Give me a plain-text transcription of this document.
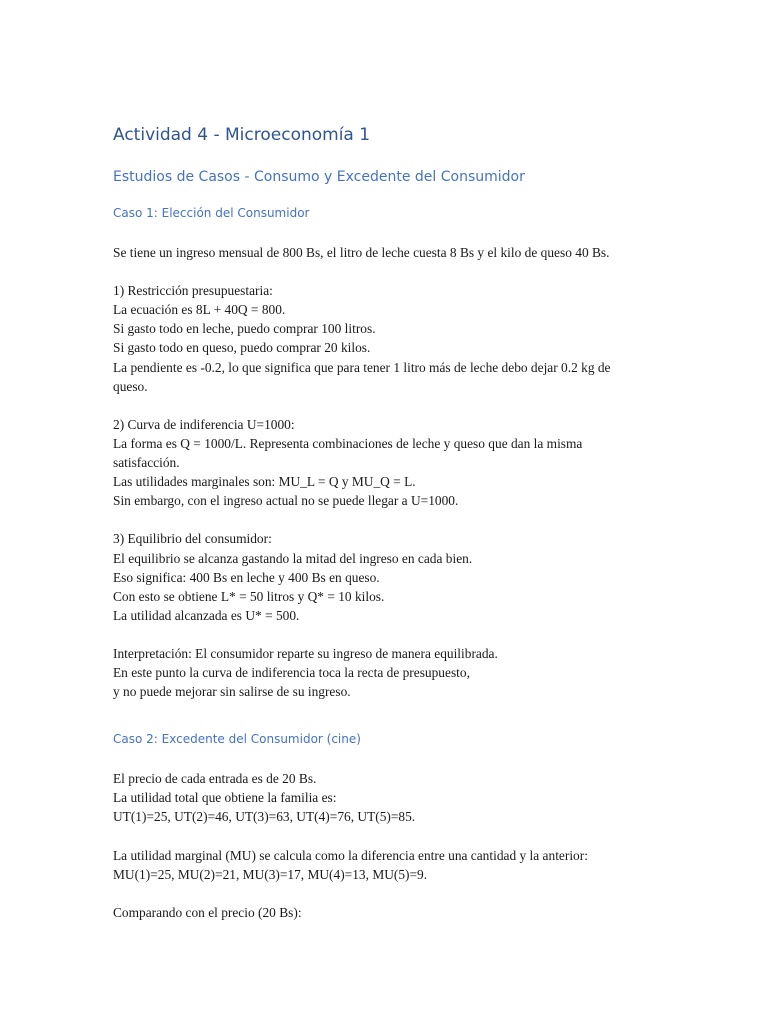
Actividad 4 - Microeconomía 1
Estudios de Casos - Consumo y Excedente del Consumidor
Caso 1: Elección del Consumidor

Se tiene un ingreso mensual de 800 Bs, el litro de leche cuesta 8 Bs y el kilo de queso 40 Bs.

1) Restricción presupuestaria:
La ecuación es 8L + 40Q = 800.
Si gasto todo en leche, puedo comprar 100 litros.
Si gasto todo en queso, puedo comprar 20 kilos.
La pendiente es -0.2, lo que significa que para tener 1 litro más de leche debo dejar 0.2 kg de
queso.

2) Curva de indiferencia U=1000:
La forma es Q = 1000/L. Representa combinaciones de leche y queso que dan la misma
satisfacción.
Las utilidades marginales son: MU_L = Q y MU_Q = L.
Sin embargo, con el ingreso actual no se puede llegar a U=1000.

3) Equilibrio del consumidor:
El equilibrio se alcanza gastando la mitad del ingreso en cada bien.
Eso significa: 400 Bs en leche y 400 Bs en queso.
Con esto se obtiene L* = 50 litros y Q* = 10 kilos.
La utilidad alcanzada es U* = 500.

Interpretación: El consumidor reparte su ingreso de manera equilibrada.
En este punto la curva de indiferencia toca la recta de presupuesto,
y no puede mejorar sin salirse de su ingreso.

Caso 2: Excedente del Consumidor (cine)

El precio de cada entrada es de 20 Bs.
La utilidad total que obtiene la familia es:
UT(1)=25, UT(2)=46, UT(3)=63, UT(4)=76, UT(5)=85.

La utilidad marginal (MU) se calcula como la diferencia entre una cantidad y la anterior:
MU(1)=25, MU(2)=21, MU(3)=17, MU(4)=13, MU(5)=9.

Comparando con el precio (20 Bs):
